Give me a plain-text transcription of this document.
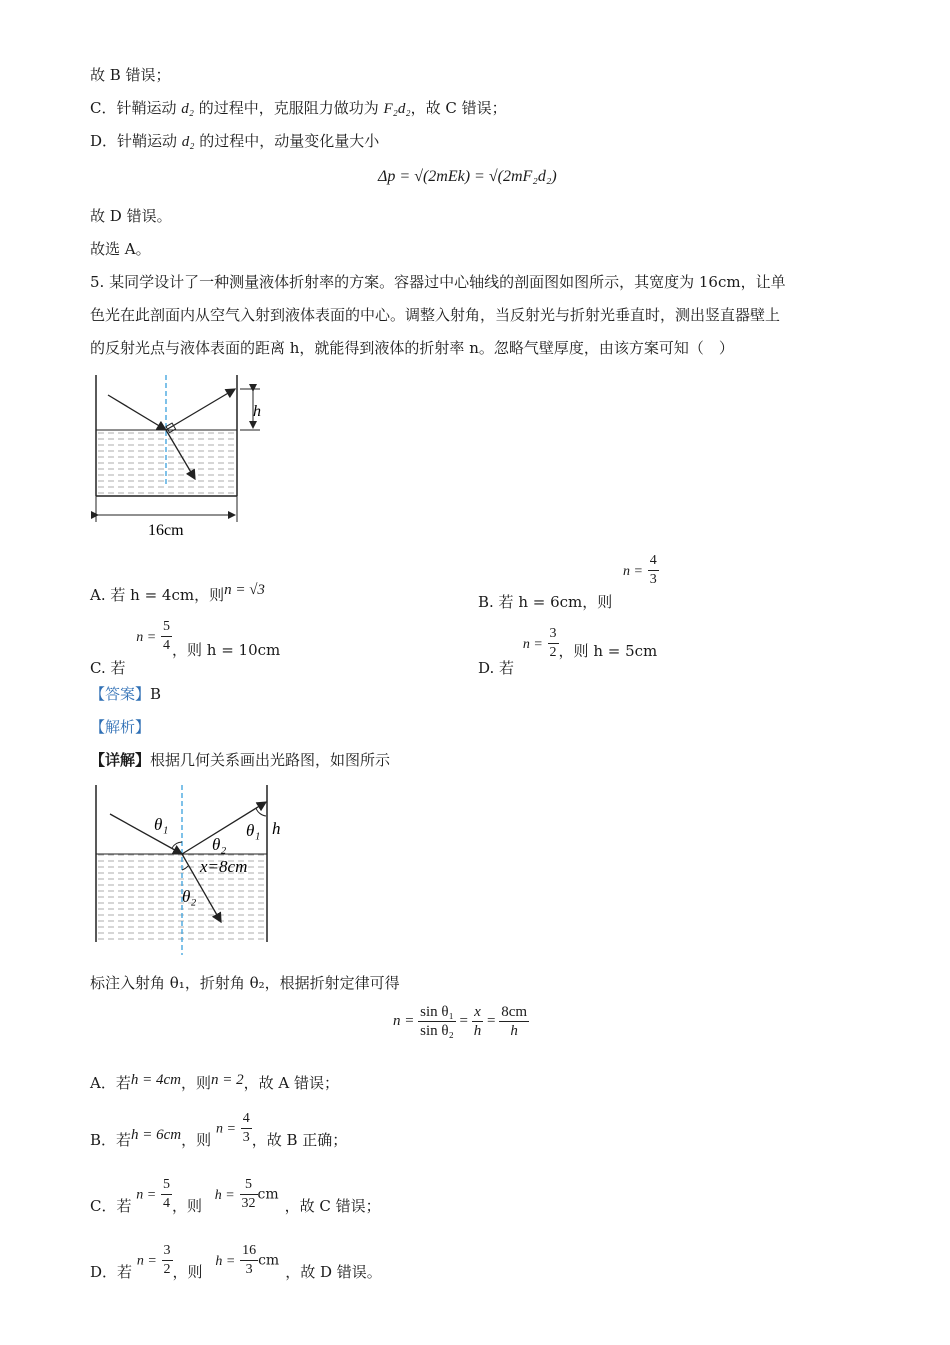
故 B 错误；
C．针鞘运动 d₂ 的过程中，克服阻力做功为 F₂d₂，故 C 错误；
D．针鞘运动 d₂ 的过程中，动量变化量大小
Δp = √(2mEk) = √(2mF₂d₂)
故 D 错误。
故选 A。
5. 某同学设计了一种测量液体折射率的方案。容器过中心轴线的剖面图如图所示，其宽度为 16cm，让单
色光在此剖面内从空气入射到液体表面的中心。调整入射角，当反射光与折射光垂直时，测出竖直器壁上
的反射光点与液体表面的距离 h，就能得到液体的折射率 n。忽略气壁厚度，由该方案可知（　）
h
16cm
A. 若 h = 4cm，则n = √3
B. 若 h = 6cm，则 $n = \frac{4}{3}$
C. 若 $n = \frac{5}{4}$ ，则 h = 10cm
D. 若 $n = \frac{3}{2}$ ，则 h = 5cm
【答案】B
【解析】
【详解】根据几何关系画出光路图，如图所示
θ₁
θ₂
θ₁
θ₂
x=8cm
h
标注入射角 θ₁，折射角 θ₂，根据折射定律可得
$n = \frac{\text{sin θ₁}}{\text{sin θ₂}} = \frac{x}{h} = \frac{8cm}{h}$
A．若h = 4cm，则n = 2，故 A 错误；
B．若h = 6cm，则 $n = \frac{4}{3}$ ，故 B 正确；
C．若 $n = \frac{5}{4}$ ，则 $h = \frac{5}{32}$ cm，故 C 错误；
D．若 $n = \frac{3}{2}$ ，则 $h = \frac{16}{3}$ cm，故 D 错误。
